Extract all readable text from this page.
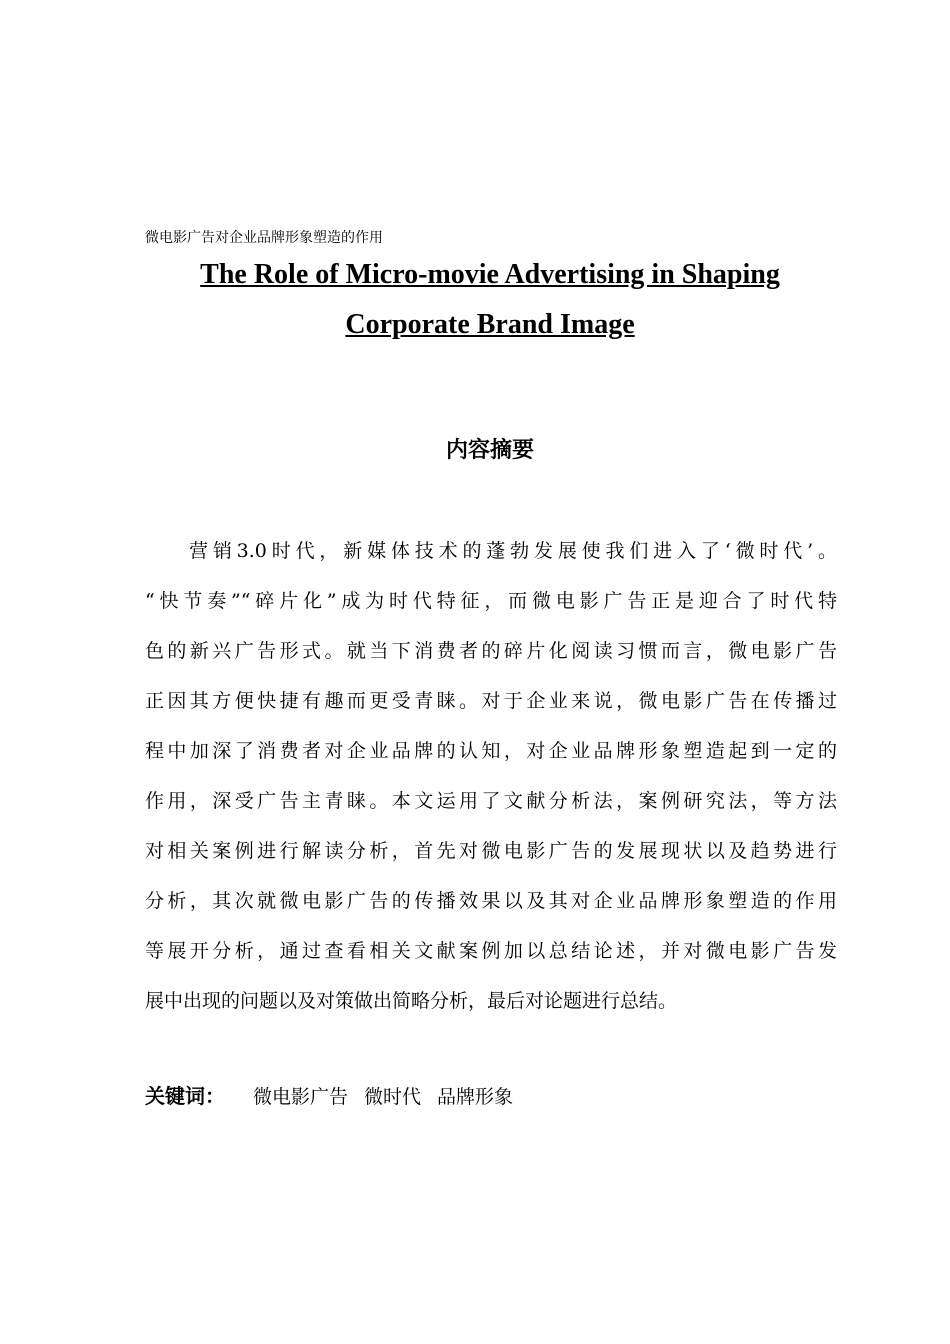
微电影广告对企业品牌形象塑造的作用
The Role of Micro-movie Advertising in Shaping
Corporate Brand Image
内容摘要
营销3.0时代，新媒体技术的蓬勃发展使我们进入了‘微时代’。
“快节奏”“碎片化”成为时代特征，而微电影广告正是迎合了时代特
色的新兴广告形式。就当下消费者的碎片化阅读习惯而言，微电影广告
正因其方便快捷有趣而更受青睐。对于企业来说，微电影广告在传播过
程中加深了消费者对企业品牌的认知，对企业品牌形象塑造起到一定的
作用，深受广告主青睐。本文运用了文献分析法，案例研究法，等方法
对相关案例进行解读分析，首先对微电影广告的发展现状以及趋势进行
分析，其次就微电影广告的传播效果以及其对企业品牌形象塑造的作用
等展开分析，通过查看相关文献案例加以总结论述，并对微电影广告发
展中出现的问题以及对策做出简略分析，最后对论题进行总结。
关键词： 微电影广告 微时代 品牌形象
